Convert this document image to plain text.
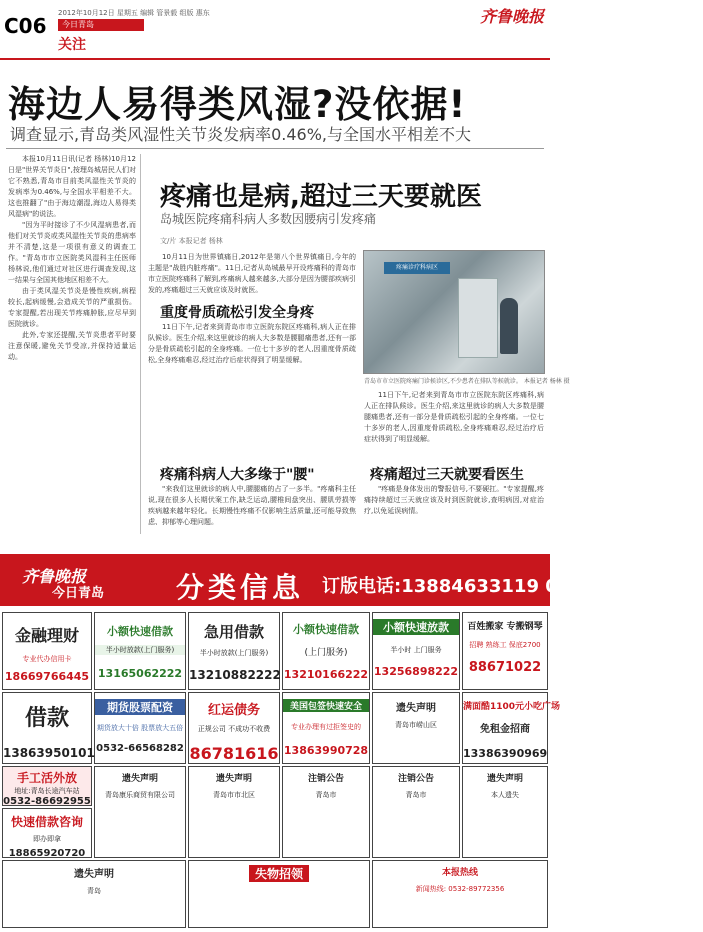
C06
2012年10月12日 星期五 编辑 管景毅 组版 惠东
今日青岛
关注
齐鲁晚报
海边人易得类风湿?没依据!
调查显示,青岛类风湿性关节炎发病率0.46%,与全国水平相差不大

本报10月11日讯(记者 杨林)10月12日是"世界关节炎日",按理岛城居民人们对它不熟悉,青岛市目前类风湿性关节炎的发病率为0.46%,与全国水平相差不大。这也推翻了"由于海边潮湿,海边人易得类风湿病"的说法。

"因为平时接诊了不少风湿病患者,而他们对关节炎或类风湿性关节炎的患病率并不清楚,这是一项很有意义的调查工作。"青岛市市立医院类风湿科主任医师杨林说,他们通过对社区进行调查发现,这一结果与全国其他地区相差不大。

由于类风湿关节炎是慢性疾病,病程较长,起病缓慢,会造成关节的严重损伤。专家提醒,若出现关节疼痛肿胀,应尽早到医院就诊。

此外,专家还提醒,关节炎患者平时要注意保暖,避免关节受凉,并保持适量运动。

疼痛也是病,超过三天要就医
岛城医院疼痛科病人多数因腰病引发疼痛
文/片 本报记者 杨林

10月11日为世界镇痛日,2012年是第八个世界镇痛日,今年的主题是"战胜内脏疼痛"。11日,记者从岛城最早开设疼痛科的青岛市市立医院疼痛科了解到,疼痛病人越来越多,大部分是因为腰部疾病引发的,疼痛超过三天就应该及时就医。

疼痛诊疗科病区
青岛市市立医院疼痛门诊候诊区,不少患者在排队等候就诊。 本报记者 杨林 摄
重度骨质疏松引发全身疼

11日下午,记者来到青岛市市立医院东院区疼痛科,病人正在排队候诊。医生介绍,来这里就诊的病人大多数是腰腿痛患者,还有一部分是骨质疏松引起的全身疼痛。一位七十多岁的老人,因重度骨质疏松,全身疼痛难忍,经过治疗后症状得到了明显缓解。

疼痛科病人大多缘于"腰"

"来我们这里就诊的病人中,腰腿痛的占了一多半。"疼痛科主任说,现在很多人长期伏案工作,缺乏运动,腰椎间盘突出、腰肌劳损等疾病越来越年轻化。长期慢性疼痛不仅影响生活质量,还可能导致焦虑、抑郁等心理问题。

11日下午,记者来到青岛市市立医院东院区疼痛科,病人正在排队候诊。医生介绍,来这里就诊的病人大多数是腰腿痛患者,还有一部分是骨质疏松引起的全身疼痛。一位七十多岁的老人,因重度骨质疏松,全身疼痛难忍,经过治疗后症状得到了明显缓解。

疼痛超过三天就要看医生

"疼痛是身体发出的警报信号,不要硬扛。"专家提醒,疼痛持续超过三天就应该及时到医院就诊,查明病因,对症治疗,以免延误病情。

齐鲁晚报
今日青岛	分类信息 订版电话:13884633119 0532-81186679
金融理财
专业代办信用卡
18669766445
小额快速借款
半小时放款(上门服务)
13165062222
急用借款
半小时放款(上门服务)
13210882222
小额快速借款
(上门服务)
13210166222
小额快速放款
半小时 上门服务
13256898222
百姓搬家 专搬钢琴
招聘 熟练工 保底2700
88671022
借款
13863950101
期货股票配资
期货放大十倍 股票放大五倍
0532-66568282
红运债务
正规公司 不成功不收费
86781616
美国包签快速安全
专业办理有过拒签史的
13863990728
遗失声明
青岛市崂山区
满面酷1100元小吃广场
免租金招商
13386390969
手工活外放
地址:青岛长途汽车站
0532-86692955
快速借款咨询
即办即拿
18865920720
遗失声明
青岛康乐商贸有限公司
遗失声明
青岛市市北区
注销公告
青岛市
注销公告
青岛市
遗失声明
本人遗失
遗失声明
青岛
失物招领	本报热线
新闻热线: 0532-89772356
